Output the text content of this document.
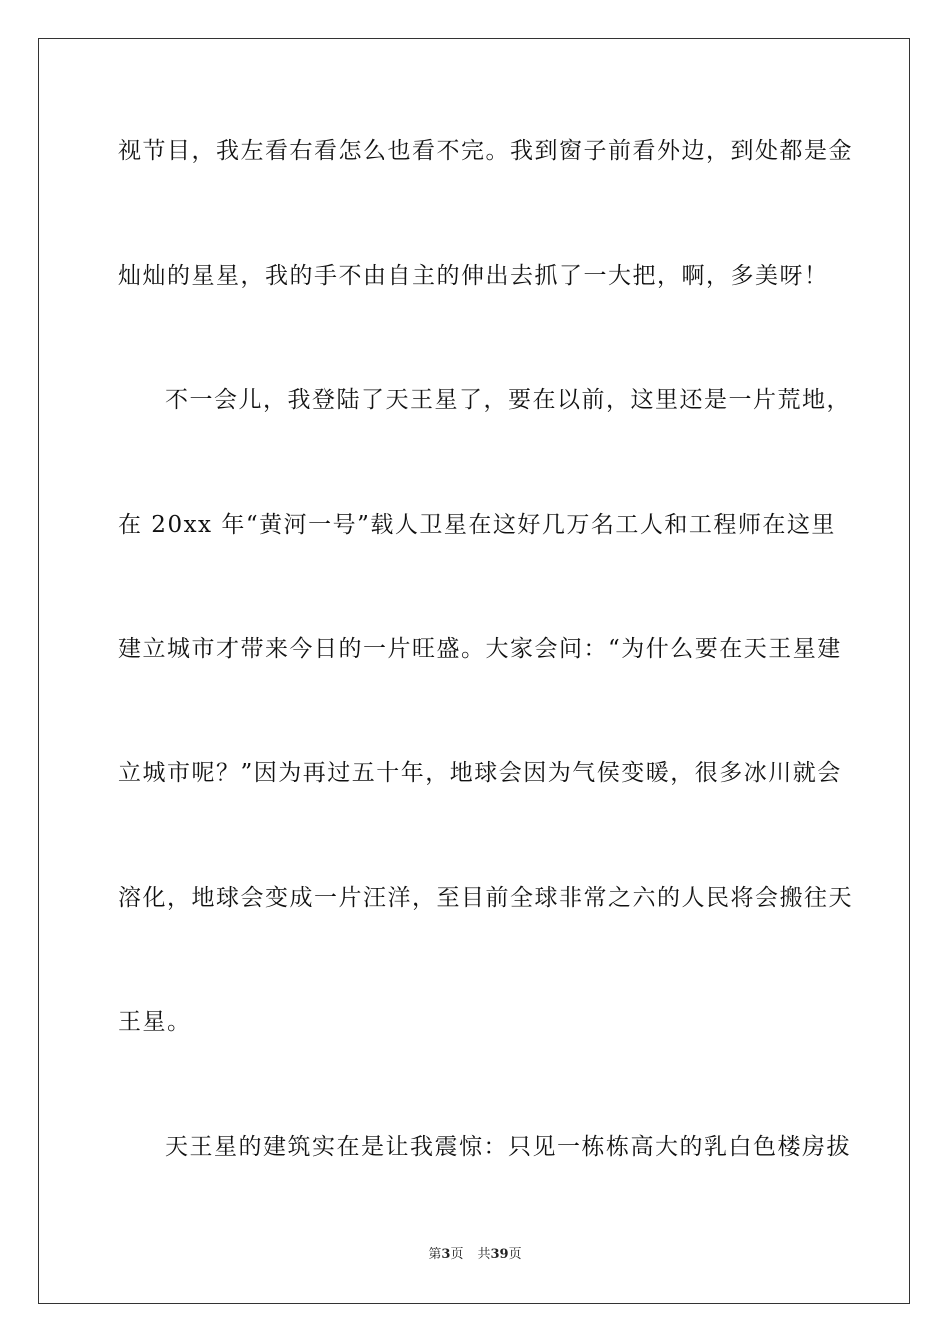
视节目，我左看右看怎么也看不完。我到窗子前看外边，到处都是金
灿灿的星星，我的手不由自主的伸出去抓了一大把，啊，多美呀！
不一会儿，我登陆了天王星了，要在以前，这里还是一片荒地，
在 20xx 年“黄河一号”载人卫星在这好几万名工人和工程师在这里
建立城市才带来今日的一片旺盛。大家会问：“为什么要在天王星建
立城市呢？”因为再过五十年，地球会因为气侯变暖，很多冰川就会
溶化，地球会变成一片汪洋，至目前全球非常之六的人民将会搬往天
王星。
天王星的建筑实在是让我震惊：只见一栋栋高大的乳白色楼房拔
第3页 共39页
